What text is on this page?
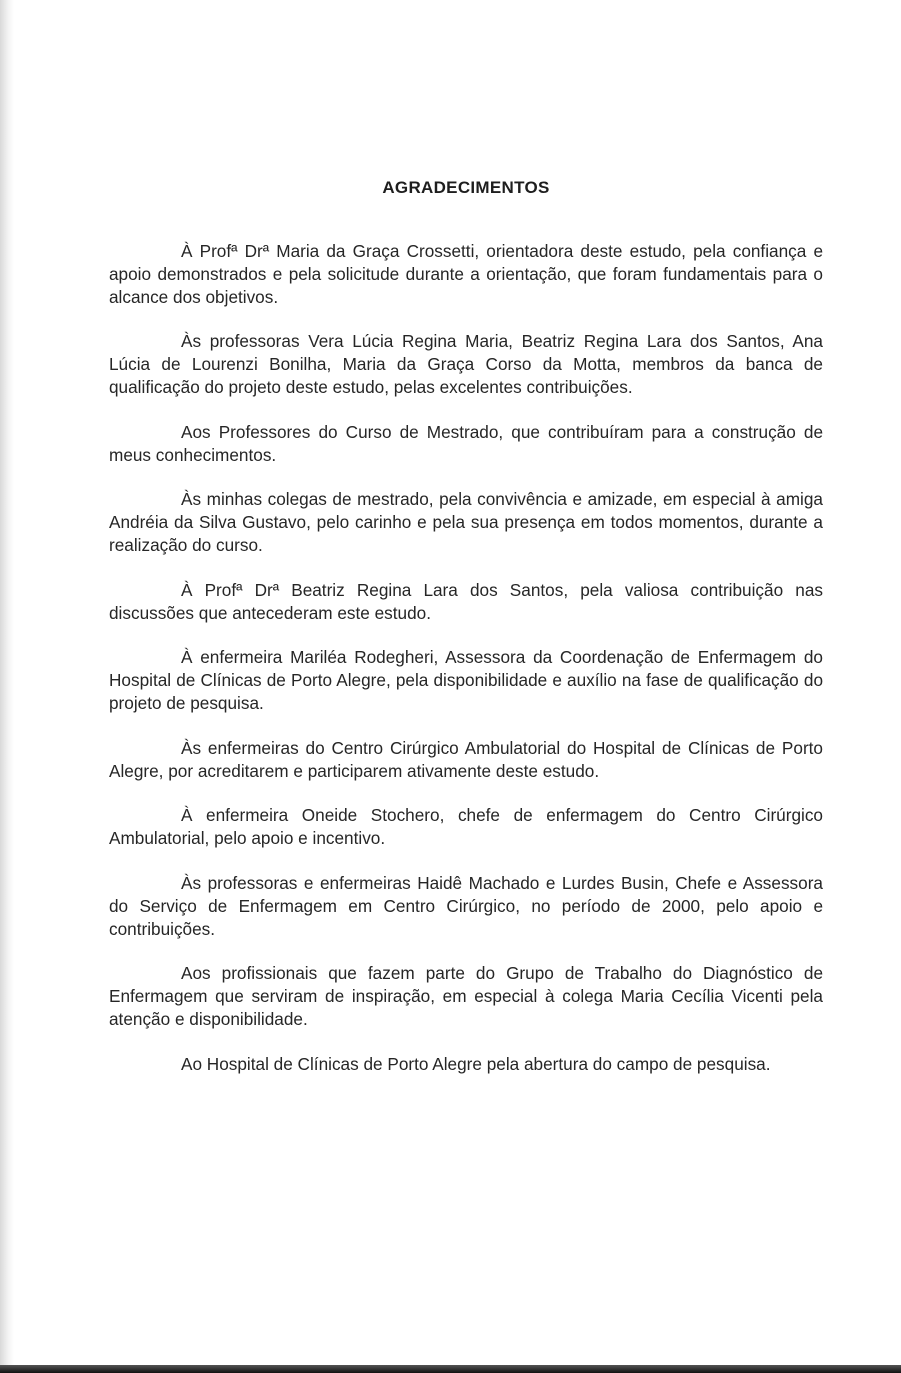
AGRADECIMENTOS

À Profª Drª Maria da Graça Crossetti, orientadora deste estudo, pela confiança e apoio demonstrados e pela solicitude durante a orientação, que foram fundamentais para o alcance dos objetivos.

Às professoras Vera Lúcia Regina Maria, Beatriz Regina Lara dos Santos, Ana Lúcia de Lourenzi Bonilha, Maria da Graça Corso da Motta, membros da banca de qualificação do projeto deste estudo, pelas excelentes contribuições.

Aos Professores do Curso de Mestrado, que contribuíram para a construção de meus conhecimentos.

Às minhas colegas de mestrado, pela convivência e amizade, em especial à amiga Andréia da Silva Gustavo, pelo carinho e pela sua presença em todos momentos, durante a realização do curso.

À Profª Drª Beatriz Regina Lara dos Santos, pela valiosa contribuição nas discussões que antecederam este estudo.

À enfermeira Mariléa Rodegheri, Assessora da Coordenação de Enfermagem do Hospital de Clínicas de Porto Alegre, pela disponibilidade e auxílio na fase de qualificação do projeto de pesquisa.

Às enfermeiras do Centro Cirúrgico Ambulatorial do Hospital de Clínicas de Porto Alegre, por acreditarem e participarem ativamente deste estudo.

À enfermeira Oneide Stochero, chefe de enfermagem do Centro Cirúrgico Ambulatorial, pelo apoio e incentivo.

Às professoras e enfermeiras Haidê Machado e Lurdes Busin, Chefe e Assessora do Serviço de Enfermagem em Centro Cirúrgico, no período de 2000, pelo apoio e contribuições.

Aos profissionais que fazem parte do Grupo de Trabalho do Diagnóstico de Enfermagem que serviram de inspiração, em especial à colega Maria Cecília Vicenti pela atenção e disponibilidade.

Ao Hospital de Clínicas de Porto Alegre pela abertura do campo de pesquisa.
